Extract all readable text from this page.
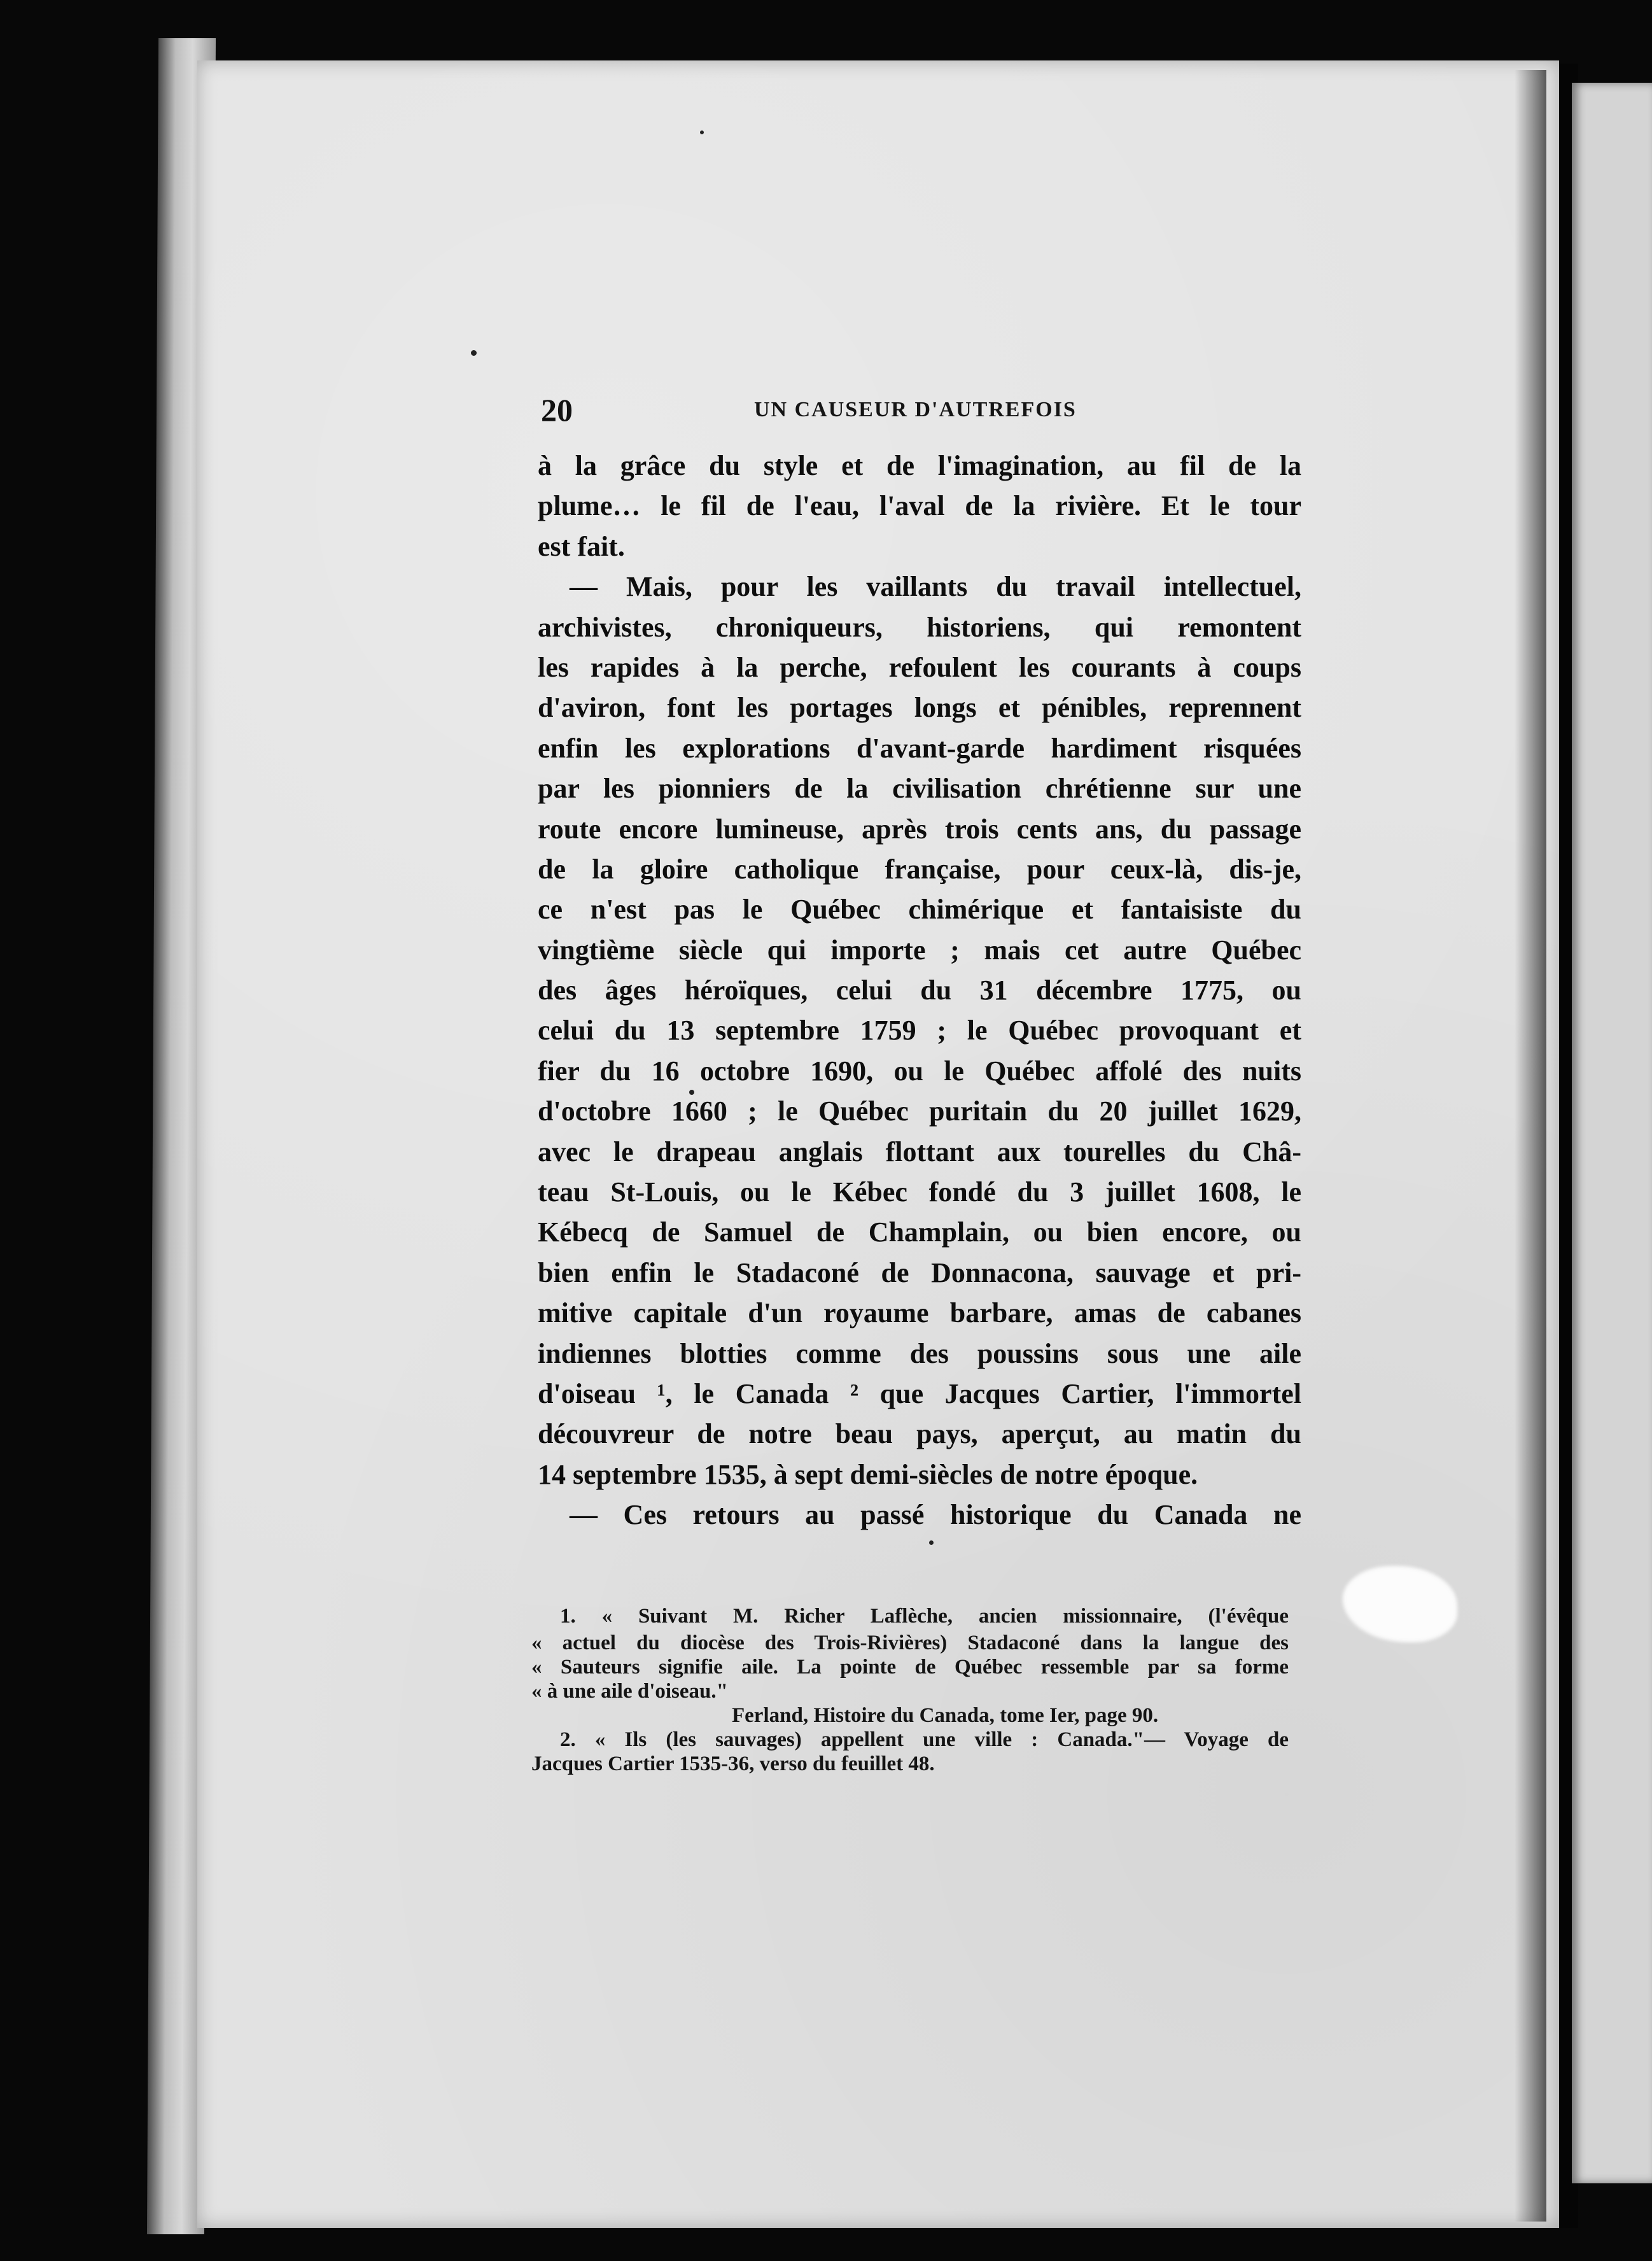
20	UN CAUSEUR D'AUTREFOIS
à la grâce du style et de l'imagination, au fil de la
plume… le fil de l'eau, l'aval de la rivière. Et le tour
est fait.
— Mais, pour les vaillants du travail intellectuel,
archivistes, chroniqueurs, historiens, qui remontent
les rapides à la perche, refoulent les courants à coups
d'aviron, font les portages longs et pénibles, reprennent
enfin les explorations d'avant-garde hardiment risquées
par les pionniers de la civilisation chrétienne sur une
route encore lumineuse, après trois cents ans, du passage
de la gloire catholique française, pour ceux-là, dis-je,
ce n'est pas le Québec chimérique et fantaisiste du
vingtième siècle qui importe ; mais cet autre Québec
des âges héroïques, celui du 31 décembre 1775, ou
celui du 13 septembre 1759 ; le Québec provoquant et
fier du 16 octobre 1690, ou le Québec affolé des nuits
d'octobre 1660 ; le Québec puritain du 20 juillet 1629,
avec le drapeau anglais flottant aux tourelles du Châ-
teau St-Louis, ou le Kébec fondé du 3 juillet 1608, le
Kébecq de Samuel de Champlain, ou bien encore, ou
bien enfin le Stadaconé de Donnacona, sauvage et pri-
mitive capitale d'un royaume barbare, amas de cabanes
indiennes blotties comme des poussins sous une aile
d'oiseau ¹, le Canada ² que Jacques Cartier, l'immortel
découvreur de notre beau pays, aperçut, au matin du
14 septembre 1535, à sept demi-siècles de notre époque.
— Ces retours au passé historique du Canada ne
1. « Suivant M. Richer Laflèche, ancien missionnaire, (l'évêque
« actuel du diocèse des Trois-Rivières) Stadaconé dans la langue des
« Sauteurs signifie aile. La pointe de Québec ressemble par sa forme
« à une aile d'oiseau."
Ferland, Histoire du Canada, tome Ier, page 90.
2. « Ils (les sauvages) appellent une ville : Canada."— Voyage de
Jacques Cartier 1535-36, verso du feuillet 48.
